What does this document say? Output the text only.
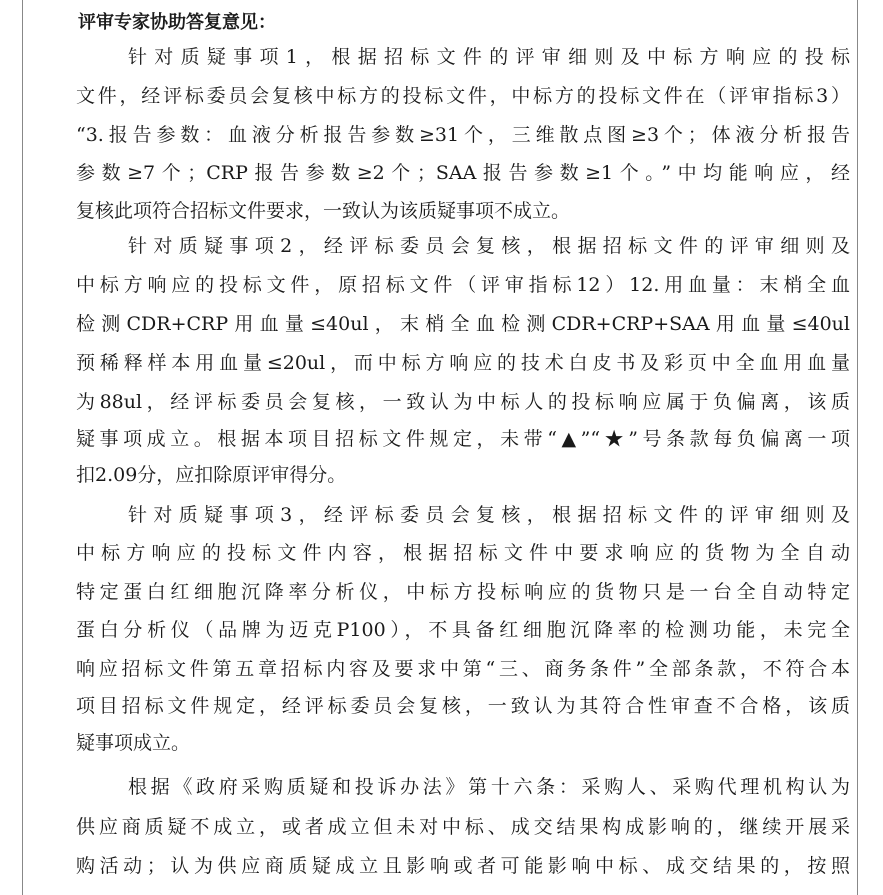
评审专家协助答复意见：
针对质疑事项1，根据招标文件的评审细则及中标方响应的投标
文件，经评标委员会复核中标方的投标文件，中标方的投标文件在（评审指标3）
“3.报告参数：血液分析报告参数≥31个，三维散点图≥3个；体液分析报告
参数≥7个；CRP报告参数≥2个；SAA报告参数≥1个。”中均能响应，经
复核此项符合招标文件要求，一致认为该质疑事项不成立。
针对质疑事项2，经评标委员会复核，根据招标文件的评审细则及
中标方响应的投标文件，原招标文件（评审指标12）12.用血量：末梢全血
检测CDR+CRP用血量≤40ul，末梢全血检测CDR+CRP+SAA用血量≤40ul
预稀释样本用血量≤20ul，而中标方响应的技术白皮书及彩页中全血用血量
为88ul，经评标委员会复核，一致认为中标人的投标响应属于负偏离，该质
疑事项成立。根据本项目招标文件规定，未带“▲”“★”号条款每负偏离一项
扣2.09分，应扣除原评审得分。
针对质疑事项3，经评标委员会复核，根据招标文件的评审细则及
中标方响应的投标文件内容，根据招标文件中要求响应的货物为全自动
特定蛋白红细胞沉降率分析仪，中标方投标响应的货物只是一台全自动特定
蛋白分析仪（品牌为迈克P100），不具备红细胞沉降率的检测功能，未完全
响应招标文件第五章招标内容及要求中第“三、商务条件”全部条款，不符合本
项目招标文件规定，经评标委员会复核，一致认为其符合性审查不合格，该质
疑事项成立。
根据《政府采购质疑和投诉办法》第十六条：采购人、采购代理机构认为
供应商质疑不成立，或者成立但未对中标、成交结果构成影响的，继续开展采
购活动；认为供应商质疑成立且影响或者可能影响中标、成交结果的，按照
